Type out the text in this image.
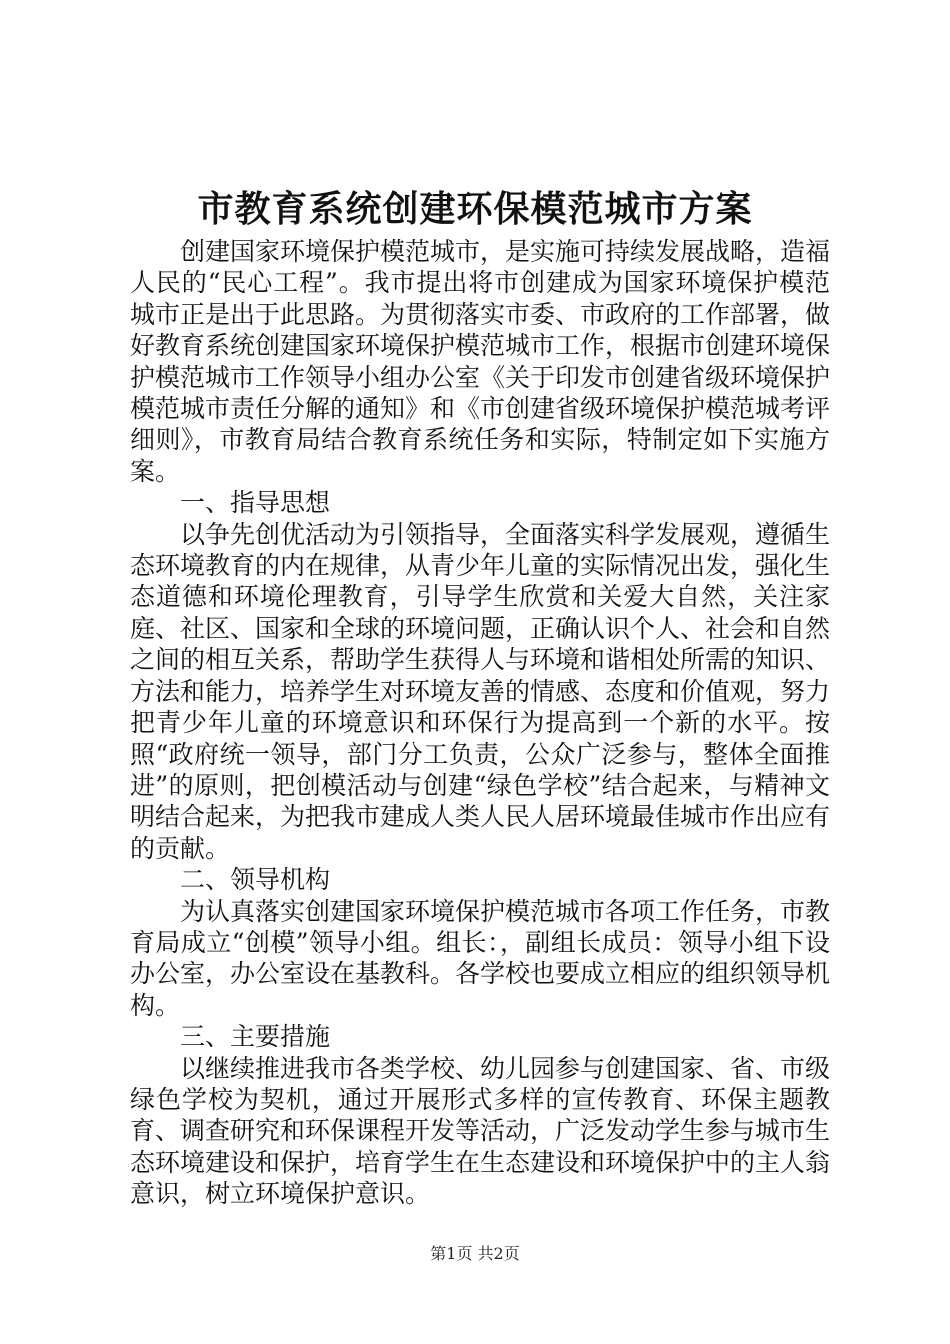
市教育系统创建环保模范城市方案

创建国家环境保护模范城市，是实施可持续发展战略，造福人民的“民心工程”。我市提出将市创建成为国家环境保护模范城市正是出于此思路。为贯彻落实市委、市政府的工作部署，做好教育系统创建国家环境保护模范城市工作，根据市创建环境保护模范城市工作领导小组办公室《关于印发市创建省级环境保护模范城市责任分解的通知》和《市创建省级环境保护模范城考评细则》，市教育局结合教育系统任务和实际，特制定如下实施方案。

一、指导思想

以争先创优活动为引领指导，全面落实科学发展观，遵循生态环境教育的内在规律，从青少年儿童的实际情况出发，强化生态道德和环境伦理教育，引导学生欣赏和关爱大自然，关注家庭、社区、国家和全球的环境问题，正确认识个人、社会和自然之间的相互关系，帮助学生获得人与环境和谐相处所需的知识、方法和能力，培养学生对环境友善的情感、态度和价值观，努力把青少年儿童的环境意识和环保行为提高到一个新的水平。按照“政府统一领导，部门分工负责，公众广泛参与，整体全面推进”的原则，把创模活动与创建“绿色学校”结合起来，与精神文明结合起来，为把我市建成人类人民人居环境最佳城市作出应有的贡献。

二、领导机构

为认真落实创建国家环境保护模范城市各项工作任务，市教育局成立“创模”领导小组。组长：，副组长成员：领导小组下设办公室，办公室设在基教科。各学校也要成立相应的组织领导机构。

三、主要措施

以继续推进我市各类学校、幼儿园参与创建国家、省、市级绿色学校为契机，通过开展形式多样的宣传教育、环保主题教育、调查研究和环保课程开发等活动，广泛发动学生参与城市生态环境建设和保护，培育学生在生态建设和环境保护中的主人翁意识，树立环境保护意识。

第1页 共2页
